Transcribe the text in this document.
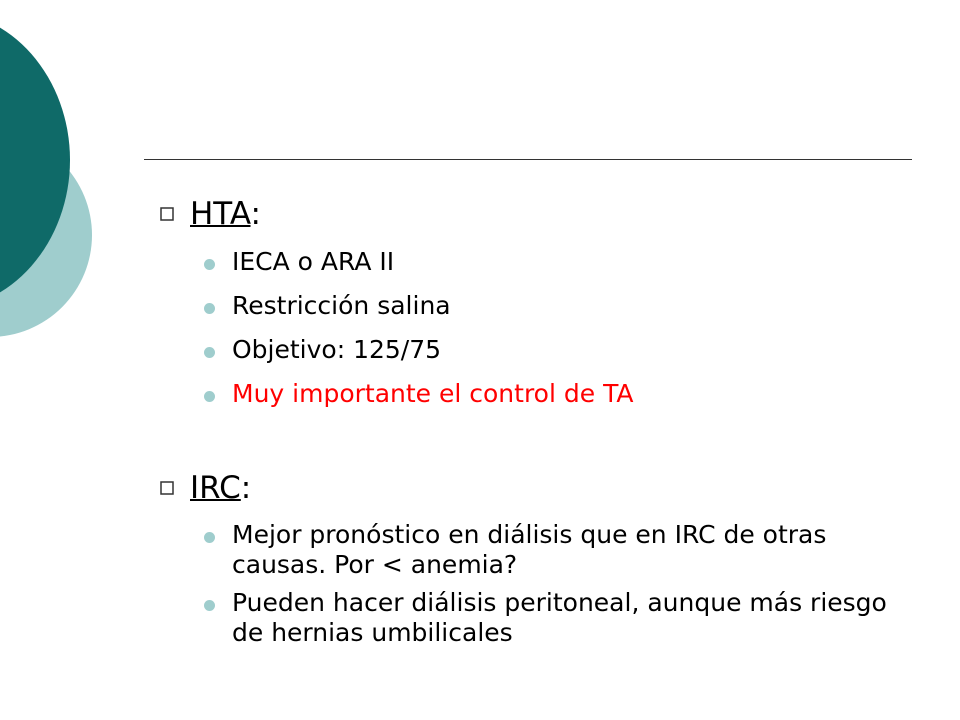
HTA:
IECA o ARA II
Restricción salina
Objetivo: 125/75
Muy importante el control de TA
IRC:
Mejor pronóstico en diálisis que en IRC de otras causas. Por < anemia?
Pueden hacer diálisis peritoneal, aunque más riesgo de hernias umbilicales
